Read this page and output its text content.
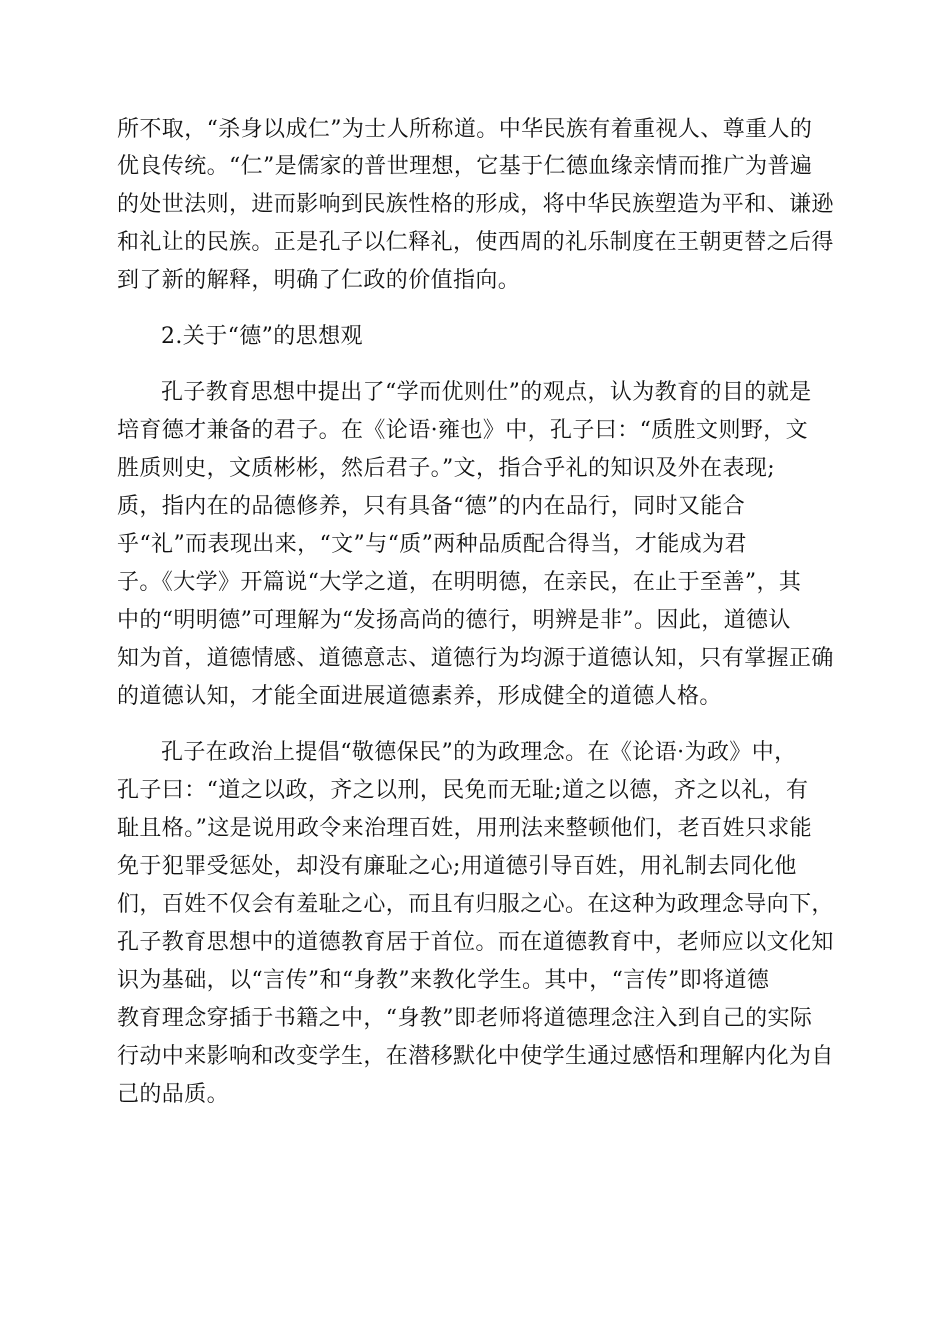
所不取，“杀身以成仁”为士人所称道。中华民族有着重视人、尊重人的
优良传统。“仁”是儒家的普世理想，它基于仁德血缘亲情而推广为普遍
的处世法则，进而影响到民族性格的形成，将中华民族塑造为平和、谦逊
和礼让的民族。正是孔子以仁释礼，使西周的礼乐制度在王朝更替之后得
到了新的解释，明确了仁政的价值指向。
2.关于“德”的思想观
孔子教育思想中提出了“学而优则仕”的观点，认为教育的目的就是
培育德才兼备的君子。在《论语·雍也》中，孔子曰：“质胜文则野，文
胜质则史，文质彬彬，然后君子。”文，指合乎礼的知识及外在表现;
质，指内在的品德修养，只有具备“德”的内在品行，同时又能合
乎“礼”而表现出来，“文”与“质”两种品质配合得当，才能成为君
子。《大学》开篇说“大学之道，在明明德，在亲民，在止于至善”，其
中的“明明德”可理解为“发扬高尚的德行，明辨是非”。因此，道德认
知为首，道德情感、道德意志、道德行为均源于道德认知，只有掌握正确
的道德认知，才能全面进展道德素养，形成健全的道德人格。
孔子在政治上提倡“敬德保民”的为政理念。在《论语·为政》中，
孔子曰：“道之以政，齐之以刑，民免而无耻;道之以德，齐之以礼，有
耻且格。”这是说用政令来治理百姓，用刑法来整顿他们，老百姓只求能
免于犯罪受惩处，却没有廉耻之心;用道德引导百姓，用礼制去同化他
们，百姓不仅会有羞耻之心，而且有归服之心。在这种为政理念导向下，
孔子教育思想中的道德教育居于首位。而在道德教育中，老师应以文化知
识为基础，以“言传”和“身教”来教化学生。其中，“言传”即将道德
教育理念穿插于书籍之中，“身教”即老师将道德理念注入到自己的实际
行动中来影响和改变学生，在潜移默化中使学生通过感悟和理解内化为自
己的品质。
